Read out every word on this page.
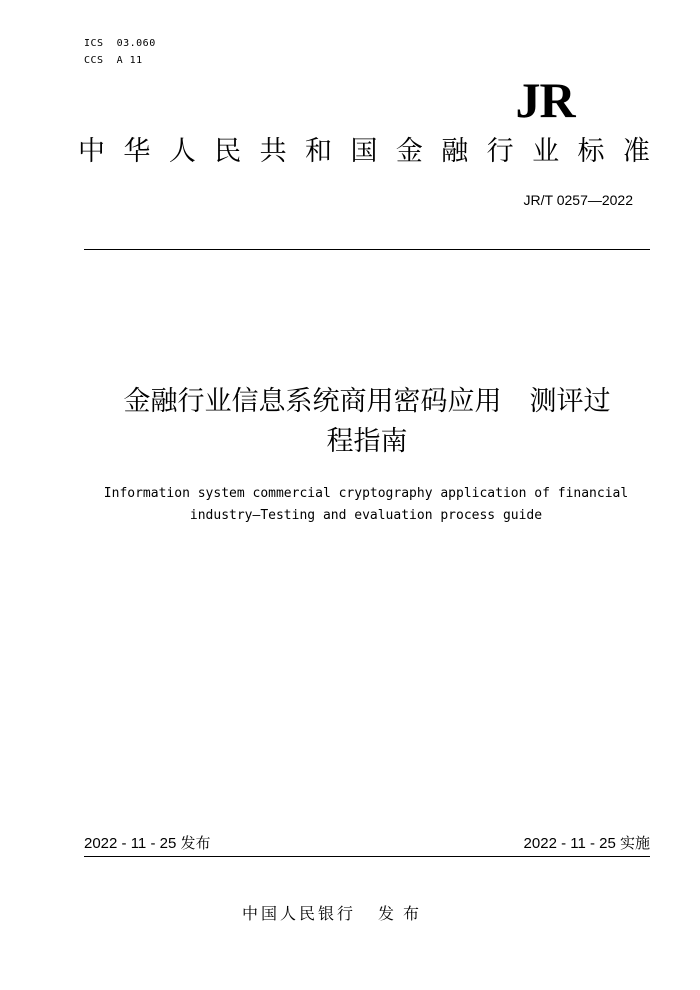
ICS  03.060
CCS  A 11
JR
中 华 人 民 共 和 国 金 融 行 业 标 准
JR/T 0257—2022
金融行业信息系统商用密码应用 测评过
程指南
Information system commercial cryptography application of financial
industry—Testing and evaluation process guide
2022 - 11 - 25 发布	2022 - 11 - 25 实施
中国人民银行 发布
